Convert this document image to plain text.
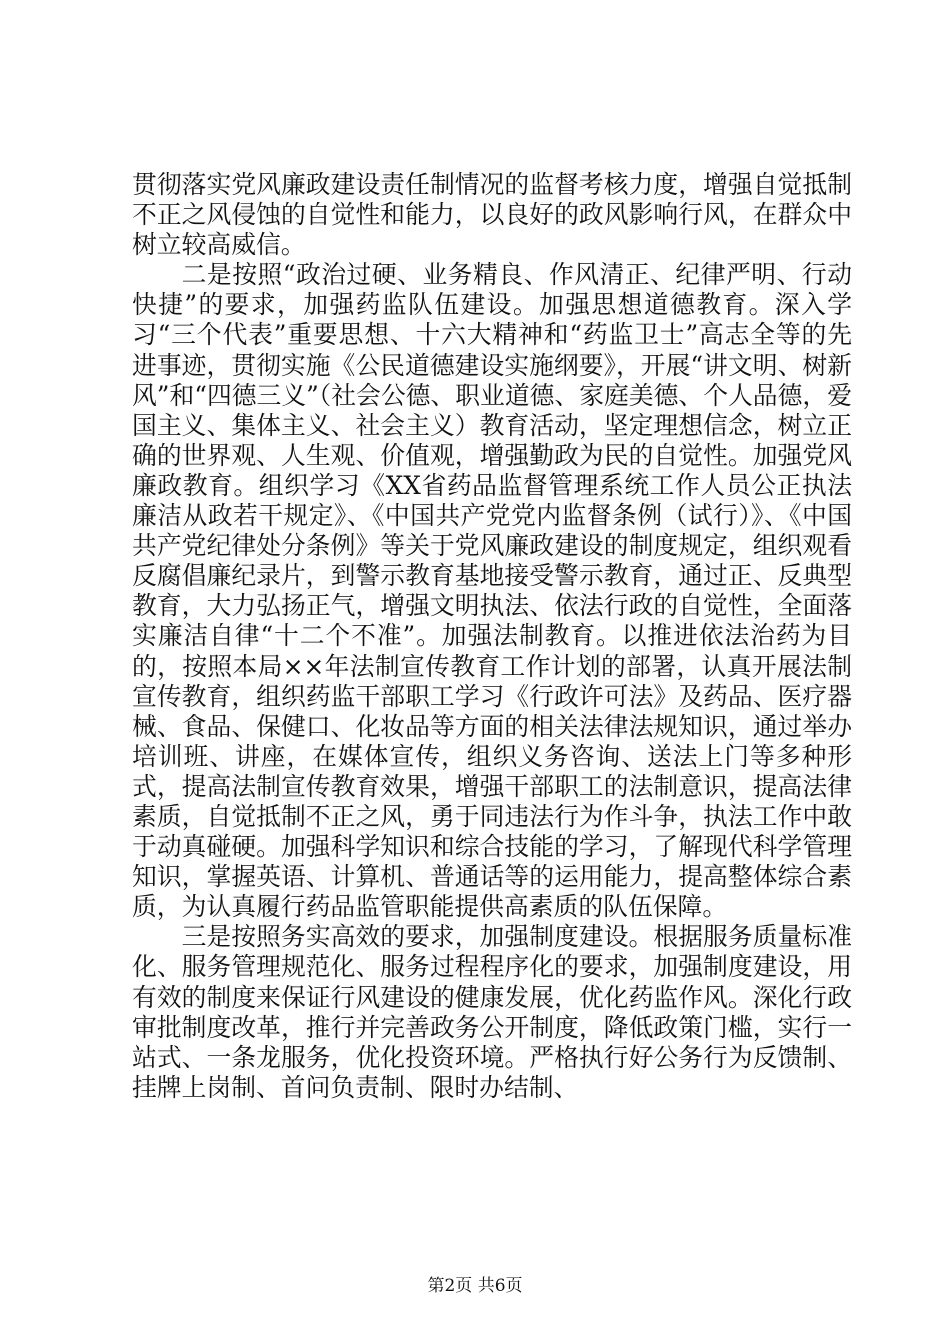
贯彻落实党风廉政建设责任制情况的监督考核力度，增强自觉抵制不正之风侵蚀的自觉性和能力，以良好的政风影响行风，在群众中树立较高威信。

二是按照“政治过硬、业务精良、作风清正、纪律严明、行动快捷”的要求，加强药监队伍建设。加强思想道德教育。深入学习“三个代表”重要思想、十六大精神和“药监卫士”高志全等的先进事迹，贯彻实施《公民道德建设实施纲要》，开展“讲文明、树新风”和“四德三义”（社会公德、职业道德、家庭美德、个人品德，爱国主义、集体主义、社会主义）教育活动，坚定理想信念，树立正确的世界观、人生观、价值观，增强勤政为民的自觉性。加强党风廉政教育。组织学习《XX省药品监督管理系统工作人员公正执法廉洁从政若干规定》、《中国共产党党内监督条例（试行）》、《中国共产党纪律处分条例》等关于党风廉政建设的制度规定，组织观看反腐倡廉纪录片，到警示教育基地接受警示教育，通过正、反典型教育，大力弘扬正气，增强文明执法、依法行政的自觉性，全面落实廉洁自律“十二个不准”。加强法制教育。以推进依法治药为目的，按照本局××年法制宣传教育工作计划的部署，认真开展法制宣传教育，组织药监干部职工学习《行政许可法》及药品、医疗器械、食品、保健口、化妆品等方面的相关法律法规知识，通过举办培训班、讲座，在媒体宣传，组织义务咨询、送法上门等多种形式，提高法制宣传教育效果，增强干部职工的法制意识，提高法律素质，自觉抵制不正之风，勇于同违法行为作斗争，执法工作中敢于动真碰硬。加强科学知识和综合技能的学习，了解现代科学管理知识，掌握英语、计算机、普通话等的运用能力，提高整体综合素质，为认真履行药品监管职能提供高素质的队伍保障。

三是按照务实高效的要求，加强制度建设。根据服务质量标准化、服务管理规范化、服务过程程序化的要求，加强制度建设，用有效的制度来保证行风建设的健康发展，优化药监作风。深化行政审批制度改革，推行并完善政务公开制度，降低政策门槛，实行一站式、一条龙服务，优化投资环境。严格执行好公务行为反馈制、挂牌上岗制、首问负责制、限时办结制、

第2页 共6页
